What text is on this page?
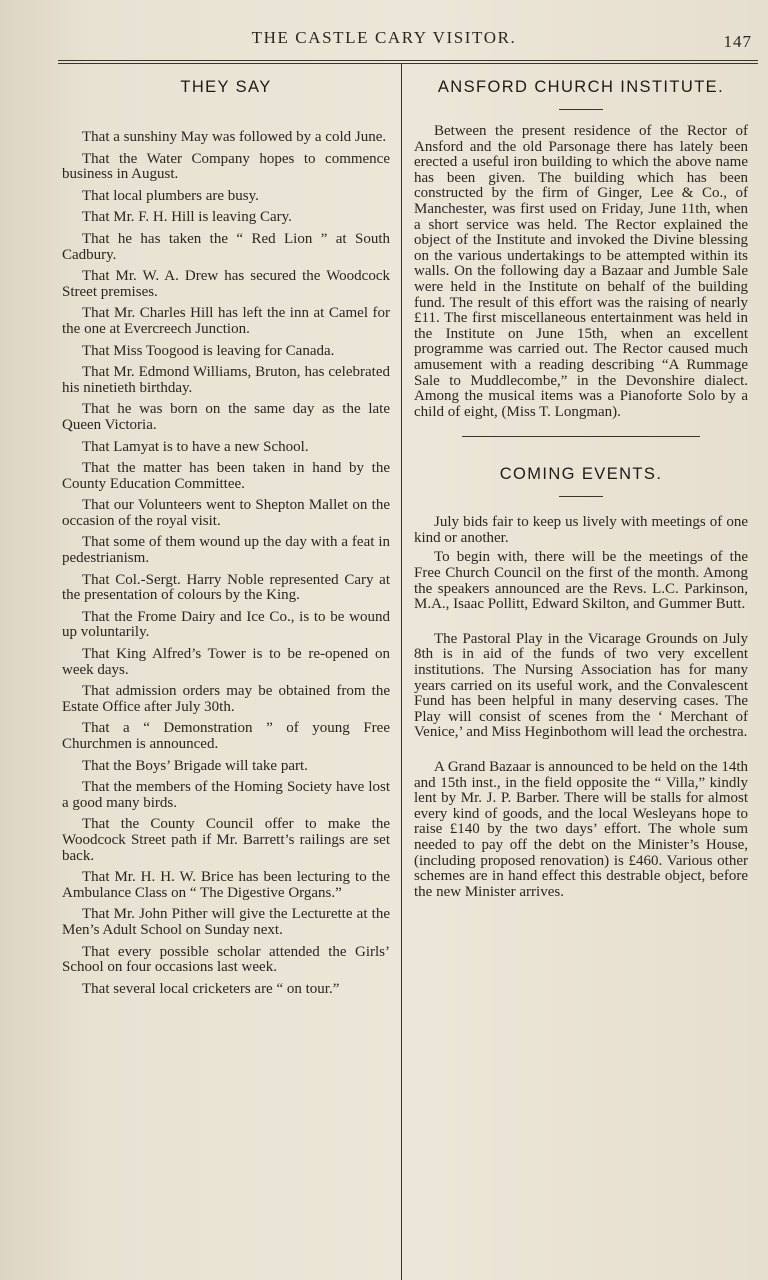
THE CASTLE CARY VISITOR.	147
THEY SAY

That a sunshiny May was followed by a cold June.

That the Water Company hopes to commence business in August.

That local plumbers are busy.

That Mr. F. H. Hill is leaving Cary.

That he has taken the “ Red Lion ” at South Cadbury.

That Mr. W. A. Drew has secured the Woodcock Street premises.

That Mr. Charles Hill has left the inn at Camel for the one at Evercreech Junction.

That Miss Toogood is leaving for Canada.

That Mr. Edmond Williams, Bruton, has celebrated his ninetieth birthday.

That he was born on the same day as the late Queen Victoria.

That Lamyat is to have a new School.

That the matter has been taken in hand by the County Education Committee.

That our Volunteers went to Shepton Mallet on the occasion of the royal visit.

That some of them wound up the day with a feat in pedestrianism.

That Col.-Sergt. Harry Noble represented Cary at the presentation of colours by the King.

That the Frome Dairy and Ice Co., is to be wound up voluntarily.

That King Alfred’s Tower is to be re-opened on week days.

That admission orders may be obtained from the Estate Office after July 30th.

That a “ Demonstration ” of young Free Churchmen is announced.

That the Boys’ Brigade will take part.

That the members of the Homing Society have lost a good many birds.

That the County Council offer to make the Woodcock Street path if Mr. Barrett’s railings are set back.

That Mr. H. H. W. Brice has been lecturing to the Ambulance Class on “ The Digestive Organs.”

That Mr. John Pither will give the Lecturette at the Men’s Adult School on Sunday next.

That every possible scholar attended the Girls’ School on four occasions last week.

That several local cricketers are “ on tour.”

ANSFORD CHURCH INSTITUTE.

Between the present residence of the Rector of Ansford and the old Parsonage there has lately been erected a useful iron building to which the above name has been given. The building which has been constructed by the firm of Ginger, Lee & Co., of Manchester, was first used on Friday, June 11th, when a short service was held. The Rector explained the object of the Institute and invoked the Divine blessing on the various undertakings to be attempted within its walls. On the following day a Bazaar and Jumble Sale were held in the Institute on behalf of the building fund. The result of this effort was the raising of nearly £11. The first miscellaneous entertainment was held in the Institute on June 15th, when an excellent programme was carried out. The Rector caused much amusement with a reading describing “A Rummage Sale to Muddlecombe,” in the Devonshire dialect. Among the musical items was a Pianoforte Solo by a child of eight, (Miss T. Longman).

COMING EVENTS.

July bids fair to keep us lively with meetings of one kind or another.

To begin with, there will be the meetings of the Free Church Council on the first of the month. Among the speakers announced are the Revs. L.C. Parkinson, M.A., Isaac Pollitt, Edward Skilton, and Gummer Butt.

The Pastoral Play in the Vicarage Grounds on July 8th is in aid of the funds of two very excellent institutions. The Nursing Association has for many years carried on its useful work, and the Convalescent Fund has been helpful in many deserving cases. The Play will consist of scenes from the ‘ Merchant of Venice,’ and Miss Heginbothom will lead the orchestra.

A Grand Bazaar is announced to be held on the 14th and 15th inst., in the field opposite the “ Villa,” kindly lent by Mr. J. P. Barber. There will be stalls for almost every kind of goods, and the local Wesleyans hope to raise £140 by the two days’ effort. The whole sum needed to pay off the debt on the Minister’s House, (including proposed renovation) is £460. Various other schemes are in hand effect this destrable object, before the new Minister arrives.
